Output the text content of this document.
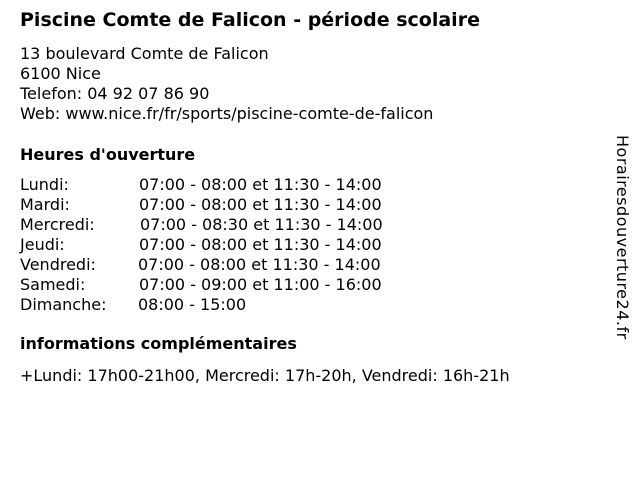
Piscine Comte de Falicon - période scolaire
13 boulevard Comte de Falicon
6100 Nice
Telefon: 04 92 07 86 90
Web: www.nice.fr/fr/sports/piscine-comte-de-falicon
Heures d'ouverture
Lundi:	07:00 - 08:00 et 11:30 - 14:00
Mardi:	07:00 - 08:00 et 11:30 - 14:00
Mercredi:	07:00 - 08:30 et 11:30 - 14:00
Jeudi:	07:00 - 08:00 et 11:30 - 14:00
Vendredi:	07:00 - 08:00 et 11:30 - 14:00
Samedi:	07:00 - 09:00 et 11:00 - 16:00
Dimanche: 08:00 - 15:00
informations complémentaires
+Lundi: 17h00-21h00, Mercredi: 17h-20h, Vendredi: 16h-21h
Horairesdouverture24.fr
